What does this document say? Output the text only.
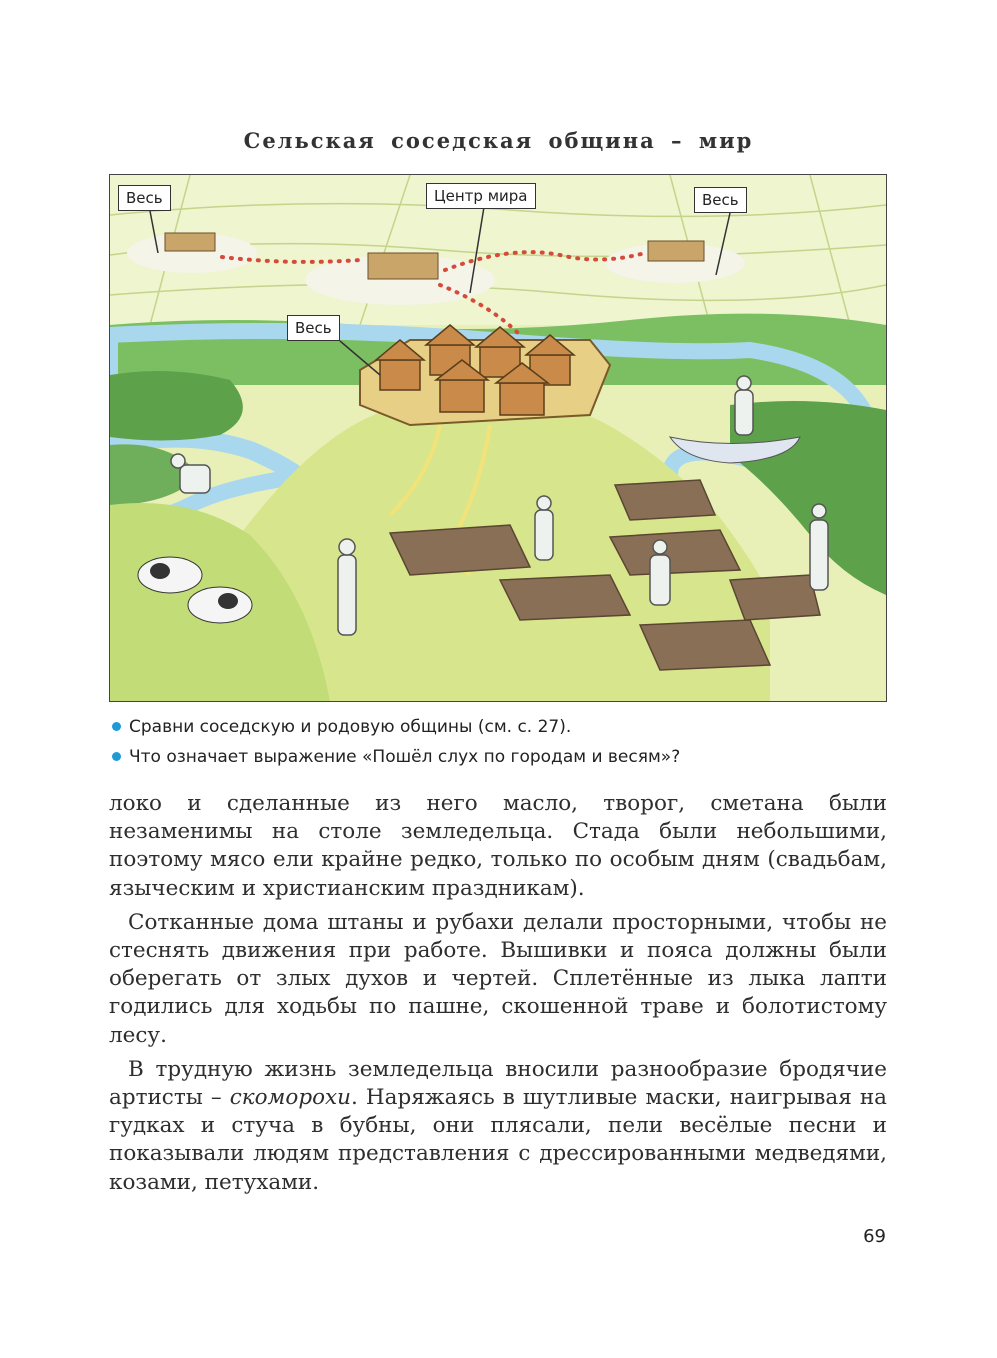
Сельская соседская община – мир
Весь	Центр мира	Весь
Весь
Сравни соседскую и родовую общины (см. с. 27).
Что означает выражение «Пошёл слух по городам и весям»?

локо и сделанные из него масло, творог, сметана были незаменимы на столе земледельца. Стада были небольшими, поэтому мясо ели крайне редко, только по особым дням (свадьбам, языческим и христианским праздникам).

Сотканные дома штаны и рубахи делали просторными, чтобы не стеснять движения при работе. Вышивки и пояса должны были оберегать от злых духов и чертей. Сплетённые из лыка лапти годились для ходьбы по пашне, скошенной траве и болотистому лесу.

В трудную жизнь земледельца вносили разнообразие бродячие артисты – скоморохи. Наряжаясь в шутливые маски, наигрывая на гудках и стуча в бубны, они плясали, пели весёлые песни и показывали людям представления с дрессированными медведями, козами, петухами.

69
